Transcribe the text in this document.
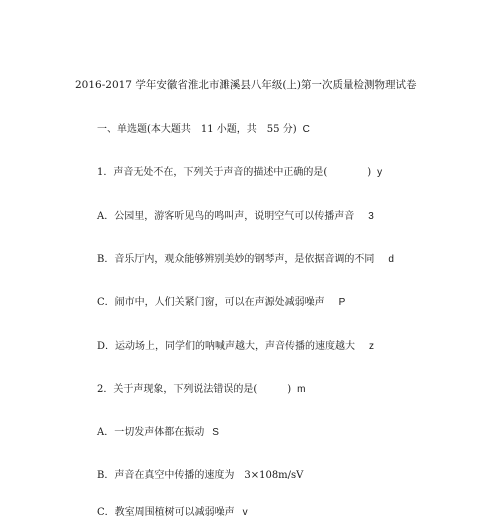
2016-2017 学年安徽省淮北市濉溪县八年级(上)第一次质量检测物理试卷
一、单选题(本大题共　11 小题，共　55 分) C
1．声音无处不在，下列关于声音的描述中正确的是(　　　　) y
A．公园里，游客听见鸟的鸣叫声，说明空气可以传播声音 3
B．音乐厅内，观众能够辨别美妙的钢琴声，是依据音调的不同 d
C．闹市中，人们关紧门窗，可以在声源处减弱噪声 P
D．运动场上，同学们的呐喊声越大，声音传播的速度越大 z
2．关于声现象，下列说法错误的是(　　　) m
A．一切发声体都在振动 S
B．声音在真空中传播的速度为　3×108m/sV
C．教室周围植树可以减弱噪声 v
